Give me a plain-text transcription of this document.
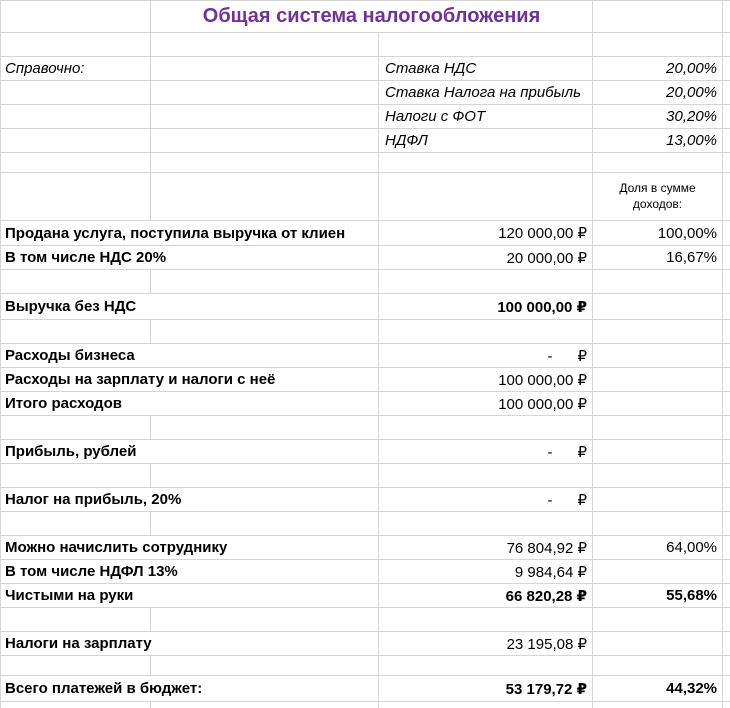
	Общая система налогообложения			

Справочно:		Ставка НДС	20,00%	
		Ставка Налога на прибыль	20,00%	
		Налоги с ФОТ	30,20%	
		НДФЛ	13,00%	

			Доля в сумме доходов:	
Продана услуга, поступила выручка от клиен		120 000,00 ₽	100,00%	
В том числе НДС 20%		20 000,00 ₽	16,67%	

Выручка без НДС		100 000,00 ₽		

Расходы бизнеса		-      ₽		
Расходы на зарплату и налоги с неё		100 000,00 ₽		
Итого расходов		100 000,00 ₽		

Прибыль, рублей		-      ₽		

Налог на прибыль, 20%		-      ₽		

Можно начислить сотруднику		76 804,92 ₽	64,00%	
В том числе НДФЛ 13%		9 984,64 ₽		
Чистыми на руки		66 820,28 ₽	55,68%	

Налоги на зарплату		23 195,08 ₽		

Всего платежей в бюджет:		53 179,72 ₽	44,32%	
